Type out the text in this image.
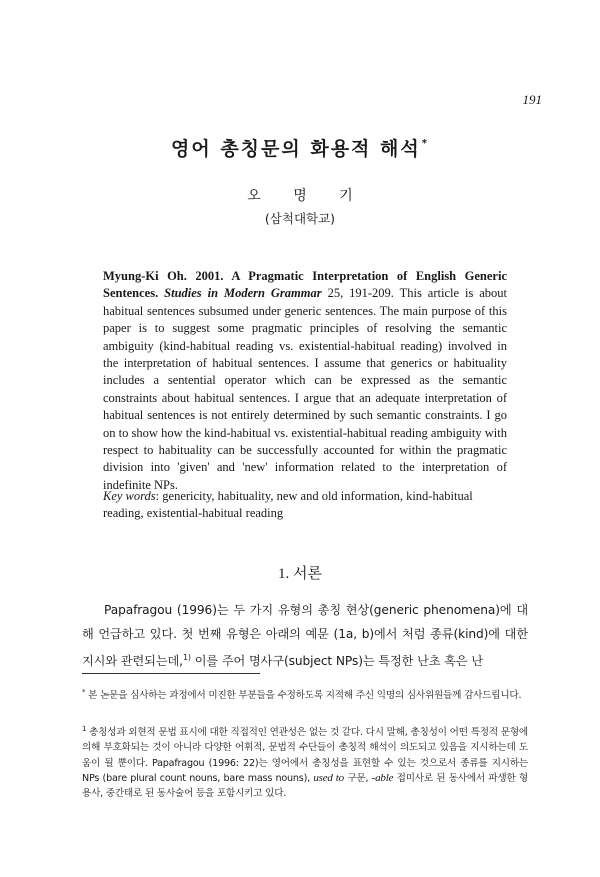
191
영어 총칭문의 화용적 해석*
오 명 기
(삼척대학교)
Myung-Ki Oh. 2001. A Pragmatic Interpretation of English Generic Sentences. Studies in Modern Grammar 25, 191-209. This article is about habitual sentences subsumed under generic sentences. The main purpose of this paper is to suggest some pragmatic principles of resolving the semantic ambiguity (kind-habitual reading vs. existential-habitual reading) involved in the interpretation of habitual sentences. I assume that generics or habituality includes a sentential operator which can be expressed as the semantic constraints about habitual sentences. I argue that an adequate interpretation of habitual sentences is not entirely determined by such semantic constraints. I go on to show how the kind-habitual vs. existential-habitual reading ambiguity with respect to habituality can be successfully accounted for within the pragmatic division into 'given' and 'new' information related to the interpretation of indefinite NPs.
Key words: genericity, habituality, new and old information, kind-habitual reading, existential-habitual reading
1. 서론
Papafragou (1996)는 두 가지 유형의 총칭 현상(generic phenomena)에 대해 언급하고 있다. 첫 번째 유형은 아래의 예문 (1a, b)에서 처럼 종류(kind)에 대한 지시와 관련되는데,$^{1)}$ 이를 주어 명사구(subject NPs)는 특정한 난초 혹은 난
* 본 논문을 심사하는 과정에서 미진한 부분들을 수정하도록 지적해 주신 익명의 심사위원들께 감사드립니다.
$^1$ 총칭성과 외현적 문법 표시에 대한 직접적인 연관성은 없는 것 같다. 다시 말해, 총칭성이 어떤 특정적 문형에 의해 부호화되는 것이 아니라 다양한 어휘적, 문법적 수단들이 총칭적 해석이 의도되고 있음을 지시하는데 도움이 될 뿐이다. Papafragou (1996: 22)는 영어에서 총칭성을 표현할 수 있는 것으로서 종류를 지시하는 NPs (bare plural count nouns, bare mass nouns), used to 구문, -able 접미사로 된 동사에서 파생한 형용사, 중간태로 된 동사술어 등을 포함시키고 있다.
